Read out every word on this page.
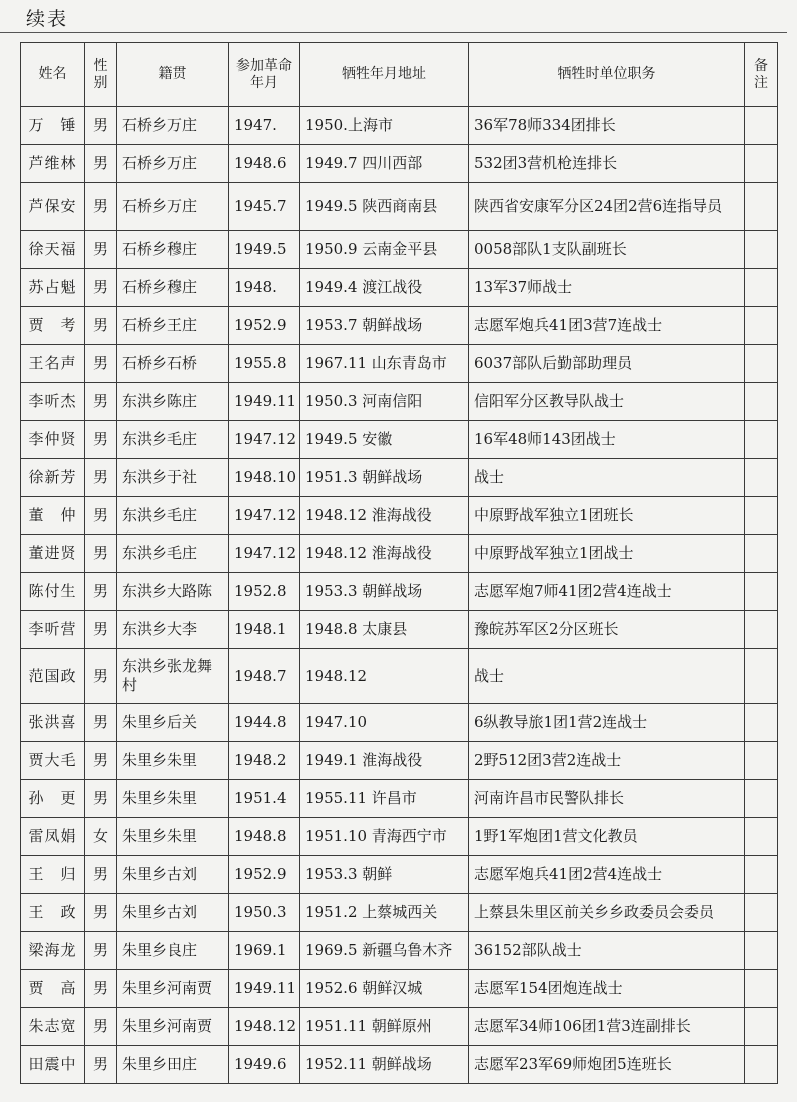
续表
姓名	性别	籍贯	参加革命年月	牺牲年月地址	牺牲时单位职务	备注
万　锤	男	石桥乡万庄	1947.	1950.上海市	36军78师334团排长	
芦维林	男	石桥乡万庄	1948.6	1949.7 四川西部	532团3营机枪连排长	
芦保安	男	石桥乡万庄	1945.7	1949.5 陕西商南县	陕西省安康军分区24团2营6连指导员	
徐天福	男	石桥乡穆庄	1949.5	1950.9 云南金平县	0058部队1支队副班长	
苏占魁	男	石桥乡穆庄	1948.	1949.4 渡江战役	13军37师战士	
贾　考	男	石桥乡王庄	1952.9	1953.7 朝鲜战场	志愿军炮兵41团3营7连战士	
王名声	男	石桥乡石桥	1955.8	1967.11 山东青岛市	6037部队后勤部助理员	
李听杰	男	东洪乡陈庄	1949.11	1950.3 河南信阳	信阳军分区教导队战士	
李仲贤	男	东洪乡毛庄	1947.12	1949.5 安徽	16军48师143团战士	
徐新芳	男	东洪乡于社	1948.10	1951.3 朝鲜战场	战士	
董　仲	男	东洪乡毛庄	1947.12	1948.12 淮海战役	中原野战军独立1团班长	
董进贤	男	东洪乡毛庄	1947.12	1948.12 淮海战役	中原野战军独立1团战士	
陈付生	男	东洪乡大路陈	1952.8	1953.3 朝鲜战场	志愿军炮7师41团2营4连战士	
李听营	男	东洪乡大李	1948.1	1948.8 太康县	豫皖苏军区2分区班长	
范国政	男	东洪乡张龙舞村	1948.7	1948.12	战士	
张洪喜	男	朱里乡后关	1944.8	1947.10	6纵教导旅1团1营2连战士	
贾大毛	男	朱里乡朱里	1948.2	1949.1 淮海战役	2野512团3营2连战士	
孙　更	男	朱里乡朱里	1951.4	1955.11 许昌市	河南许昌市民警队排长	
雷凤娟	女	朱里乡朱里	1948.8	1951.10 青海西宁市	1野1军炮团1营文化教员	
王　归	男	朱里乡古刘	1952.9	1953.3 朝鲜	志愿军炮兵41团2营4连战士	
王　政	男	朱里乡古刘	1950.3	1951.2 上蔡城西关	上蔡县朱里区前关乡乡政委员会委员	
梁海龙	男	朱里乡良庄	1969.1	1969.5 新疆乌鲁木齐	36152部队战士	
贾　高	男	朱里乡河南贾	1949.11	1952.6 朝鲜汉城	志愿军154团炮连战士	
朱志宽	男	朱里乡河南贾	1948.12	1951.11 朝鲜原州	志愿军34师106团1营3连副排长	
田震中	男	朱里乡田庄	1949.6	1952.11 朝鲜战场	志愿军23军69师炮团5连班长	
